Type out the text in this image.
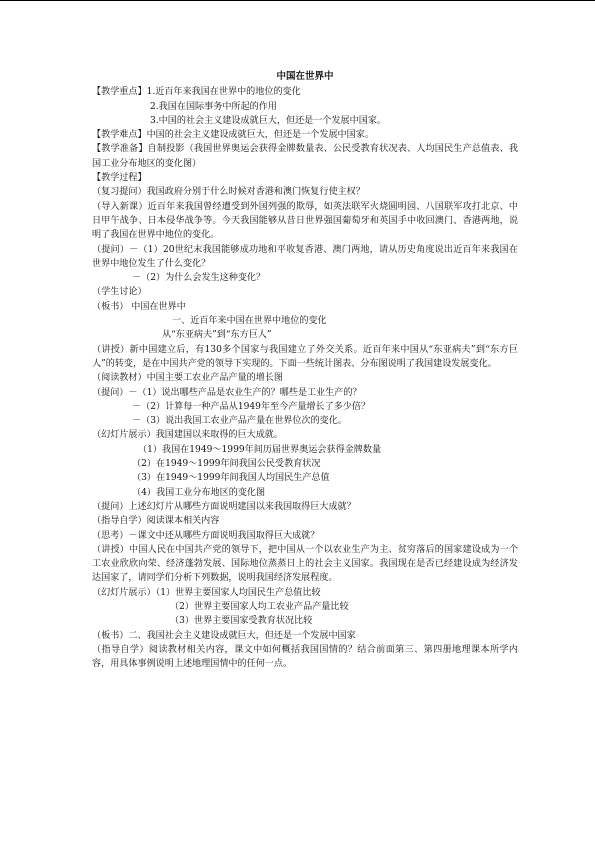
中国在世界中
【教学重点】1.近百年来我国在世界中的地位的变化
2.我国在国际事务中所起的作用
3.中国的社会主义建设成就巨大，但还是一个发展中国家。
【教学难点】中国的社会主义建设成就巨大，但还是一个发展中国家。
【教学准备】自制投影（我国世界奥运会获得金牌数量表、公民受教育状况表、人均国民生产总值表、我国工业分布地区的变化图）
【教学过程】
（复习提问）我国政府分别于什么时候对香港和澳门恢复行使主权？
（导入新课）近百年来我国曾经遭受到外国列强的欺辱，如英法联军火烧圆明园、八国联军攻打北京、中日甲午战争、日本侵华战争等。今天我国能够从昔日世界强国葡萄牙和英国手中收回澳门、香港两地，说明了我国在世界中地位的变化。
（提问）－（1）20世纪末我国能够成功地和平收复香港、澳门两地，请从历史角度说出近百年来我国在世界中地位发生了什么变化？
－（2）为什么会发生这种变化？
（学生讨论）
（板书） 中国在世界中
一、近百年来中国在世界中地位的变化
从“东亚病夫”到“东方巨人”
（讲授）新中国建立后，有130多个国家与我国建立了外交关系。近百年来中国从“东亚病夫”到“东方巨人”的转变，是在中国共产党的领导下实现的。下面一些统计图表、分布图说明了我国建设发展变化。
（阅读教材）中国主要工农业产品产量的增长图
（提问）－（1）说出哪些产品是农业生产的？哪些是工业生产的？
－（2）计算每一种产品从1949年至今产量增长了多少倍？
－（3）说出我国工农业产品产量在世界位次的变化。
（幻灯片展示）我国建国以来取得的巨大成就。
（1）我国在1949～1999年间历届世界奥运会获得金牌数量
（2）在1949～1999年间我国公民受教育状况
（3）在1949～1999年间我国人均国民生产总值
（4）我国工业分布地区的变化图
（提问）上述幻灯片从哪些方面说明建国以来我国取得巨大成就？
（指导自学）阅读课本相关内容
（思考）－课文中还从哪些方面说明我国取得巨大成就？
（讲授）中国人民在中国共产党的领导下，把中国从一个以农业生产为主、贫穷落后的国家建设成为一个工农业欣欣向荣、经济蓬勃发展、国际地位蒸蒸日上的社会主义国家。我国现在是否已经建设成为经济发达国家了，请同学们分析下列数据，说明我国经济发展程度。
（幻灯片展示）（1）世界主要国家人均国民生产总值比较
（2）世界主要国家人均工农业产品产量比较
（3）世界主要国家受教育状况比较
（板书）二、我国社会主义建设成就巨大，但还是一个发展中国家
（指导自学）阅读教材相关内容，课文中如何概括我国国情的？结合前面第三、第四册地理课本所学内容，用具体事例说明上述地理国情中的任何一点。
